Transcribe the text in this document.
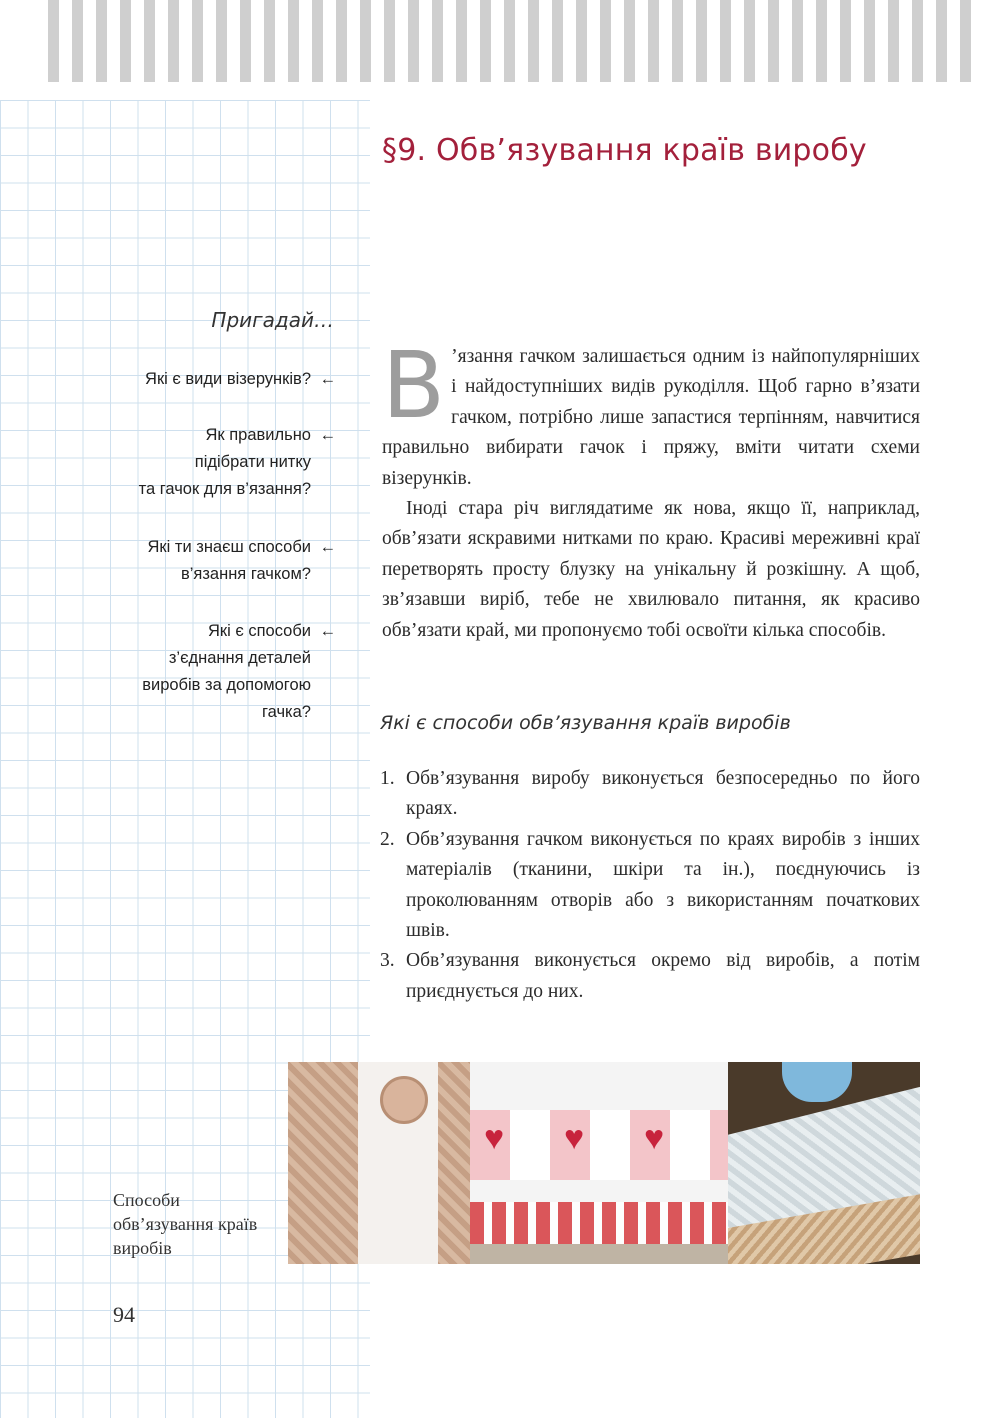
§9. Обв’язування країв виробу
Пригадай…
Які є види візерунків? ←
Як правильно ←
підібрати нитку
та гачок для в’язання?
Які ти знаєш способи ←
в’язання гачком?
Які є способи ←
з’єднання деталей
виробів за допомогою
гачка?

В ’язання гачком залишається одним із найпопулярніших і найдоступніших видів рукоділля. Щоб гарно в’язати гачком, потрібно лише запастися терпінням, навчитися правильно вибирати гачок і пряжу, вміти читати схеми візерунків.

Іноді стара річ виглядатиме як нова, якщо її, наприклад, обв’язати яскравими нитками по краю. Красиві мереживні краї перетворять просту блузку на унікальну й розкішну. А щоб, зв’язавши виріб, тебе не хвилювало питання, як красиво обв’язати край, ми пропонуємо тобі освоїти кілька способів.

Які є способи обв’язування країв виробів
1. Обв’язування виробу виконується безпосередньо по його краях.
2. Обв’язування гачком виконується по краях виробів з інших матеріалів (тканини, шкіри та ін.), поєднуючись із проколюванням отворів або з використанням початкових швів.
3. Обв’язування виконується окремо від виробів, а потім приєднується до них.
♥ ♥ ♥
Способи обв’язування країв виробів
94
